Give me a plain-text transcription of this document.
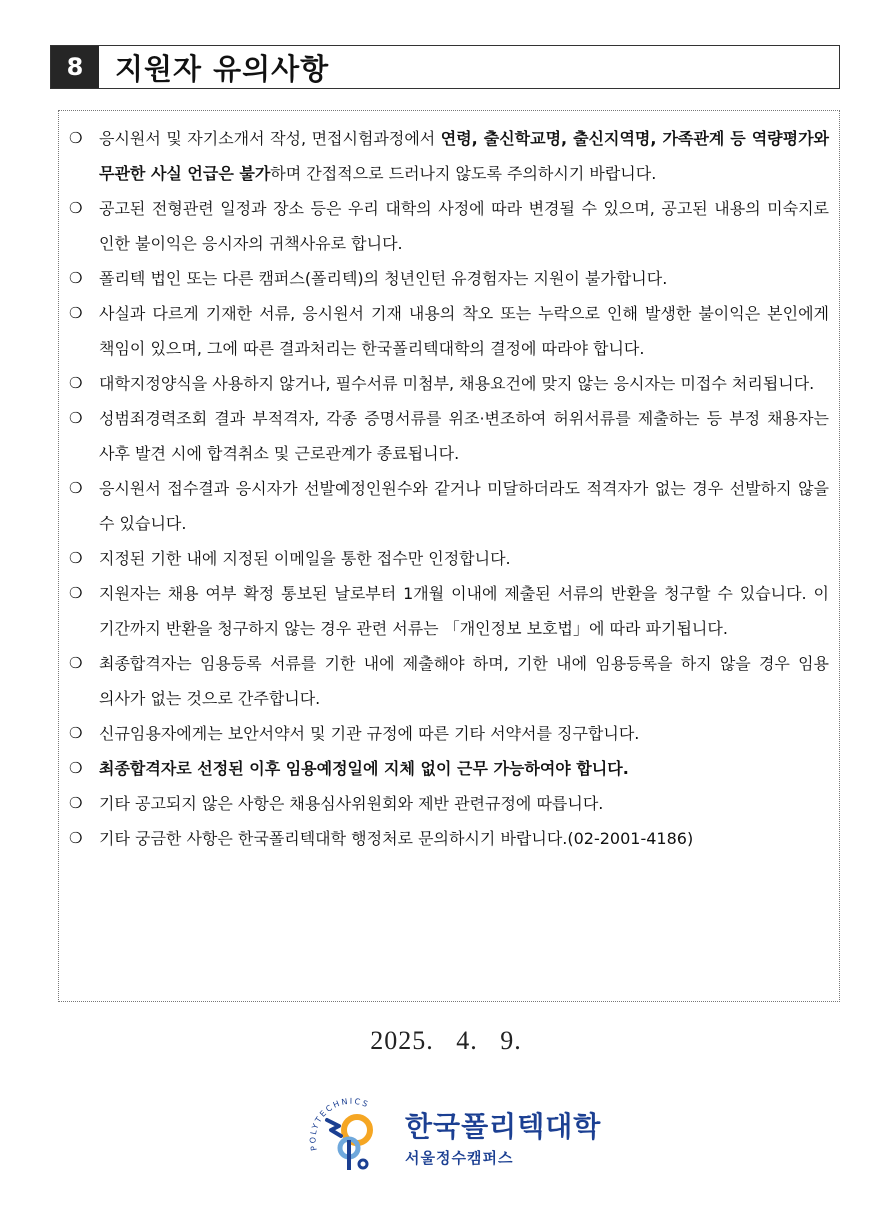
8	지원자 유의사항
❍	응시원서 및 자기소개서 작성, 면접시험과정에서 연령, 출신학교명, 출신지역명, 가족관계 등 역량평가와 무관한 사실 언급은 불가하며 간접적으로 드러나지 않도록 주의하시기 바랍니다.
❍	공고된 전형관련 일정과 장소 등은 우리 대학의 사정에 따라 변경될 수 있으며, 공고된 내용의 미숙지로 인한 불이익은 응시자의 귀책사유로 합니다.
❍	폴리텍 법인 또는 다른 캠퍼스(폴리텍)의 청년인턴 유경험자는 지원이 불가합니다.
❍	사실과 다르게 기재한 서류, 응시원서 기재 내용의 착오 또는 누락으로 인해 발생한 불이익은 본인에게 책임이 있으며, 그에 따른 결과처리는 한국폴리텍대학의 결정에 따라야 합니다.
❍	대학지정양식을 사용하지 않거나, 필수서류 미첨부, 채용요건에 맞지 않는 응시자는 미접수 처리됩니다.
❍	성범죄경력조회 결과 부적격자, 각종 증명서류를 위조·변조하여 허위서류를 제출하는 등 부정 채용자는 사후 발견 시에 합격취소 및 근로관계가 종료됩니다.
❍	응시원서 접수결과 응시자가 선발예정인원수와 같거나 미달하더라도 적격자가 없는 경우 선발하지 않을 수 있습니다.
❍	지정된 기한 내에 지정된 이메일을 통한 접수만 인정합니다.
❍	지원자는 채용 여부 확정 통보된 날로부터 1개월 이내에 제출된 서류의 반환을 청구할 수 있습니다. 이 기간까지 반환을 청구하지 않는 경우 관련 서류는 「개인정보 보호법」에 따라 파기됩니다.
❍	최종합격자는 임용등록 서류를 기한 내에 제출해야 하며, 기한 내에 임용등록을 하지 않을 경우 임용 의사가 없는 것으로 간주합니다.
❍	신규임용자에게는 보안서약서 및 기관 규정에 따른 기타 서약서를 징구합니다.
❍	최종합격자로 선정된 이후 임용예정일에 지체 없이 근무 가능하여야 합니다.
❍	기타 공고되지 않은 사항은 채용심사위원회와 제반 관련규정에 따릅니다.
❍	기타 궁금한 사항은 한국폴리텍대학 행정처로 문의하시기 바랍니다.(02-2001-4186)
2025.   4.   9.
POLYTECHNICS
한국폴리텍대학
서울정수캠퍼스
